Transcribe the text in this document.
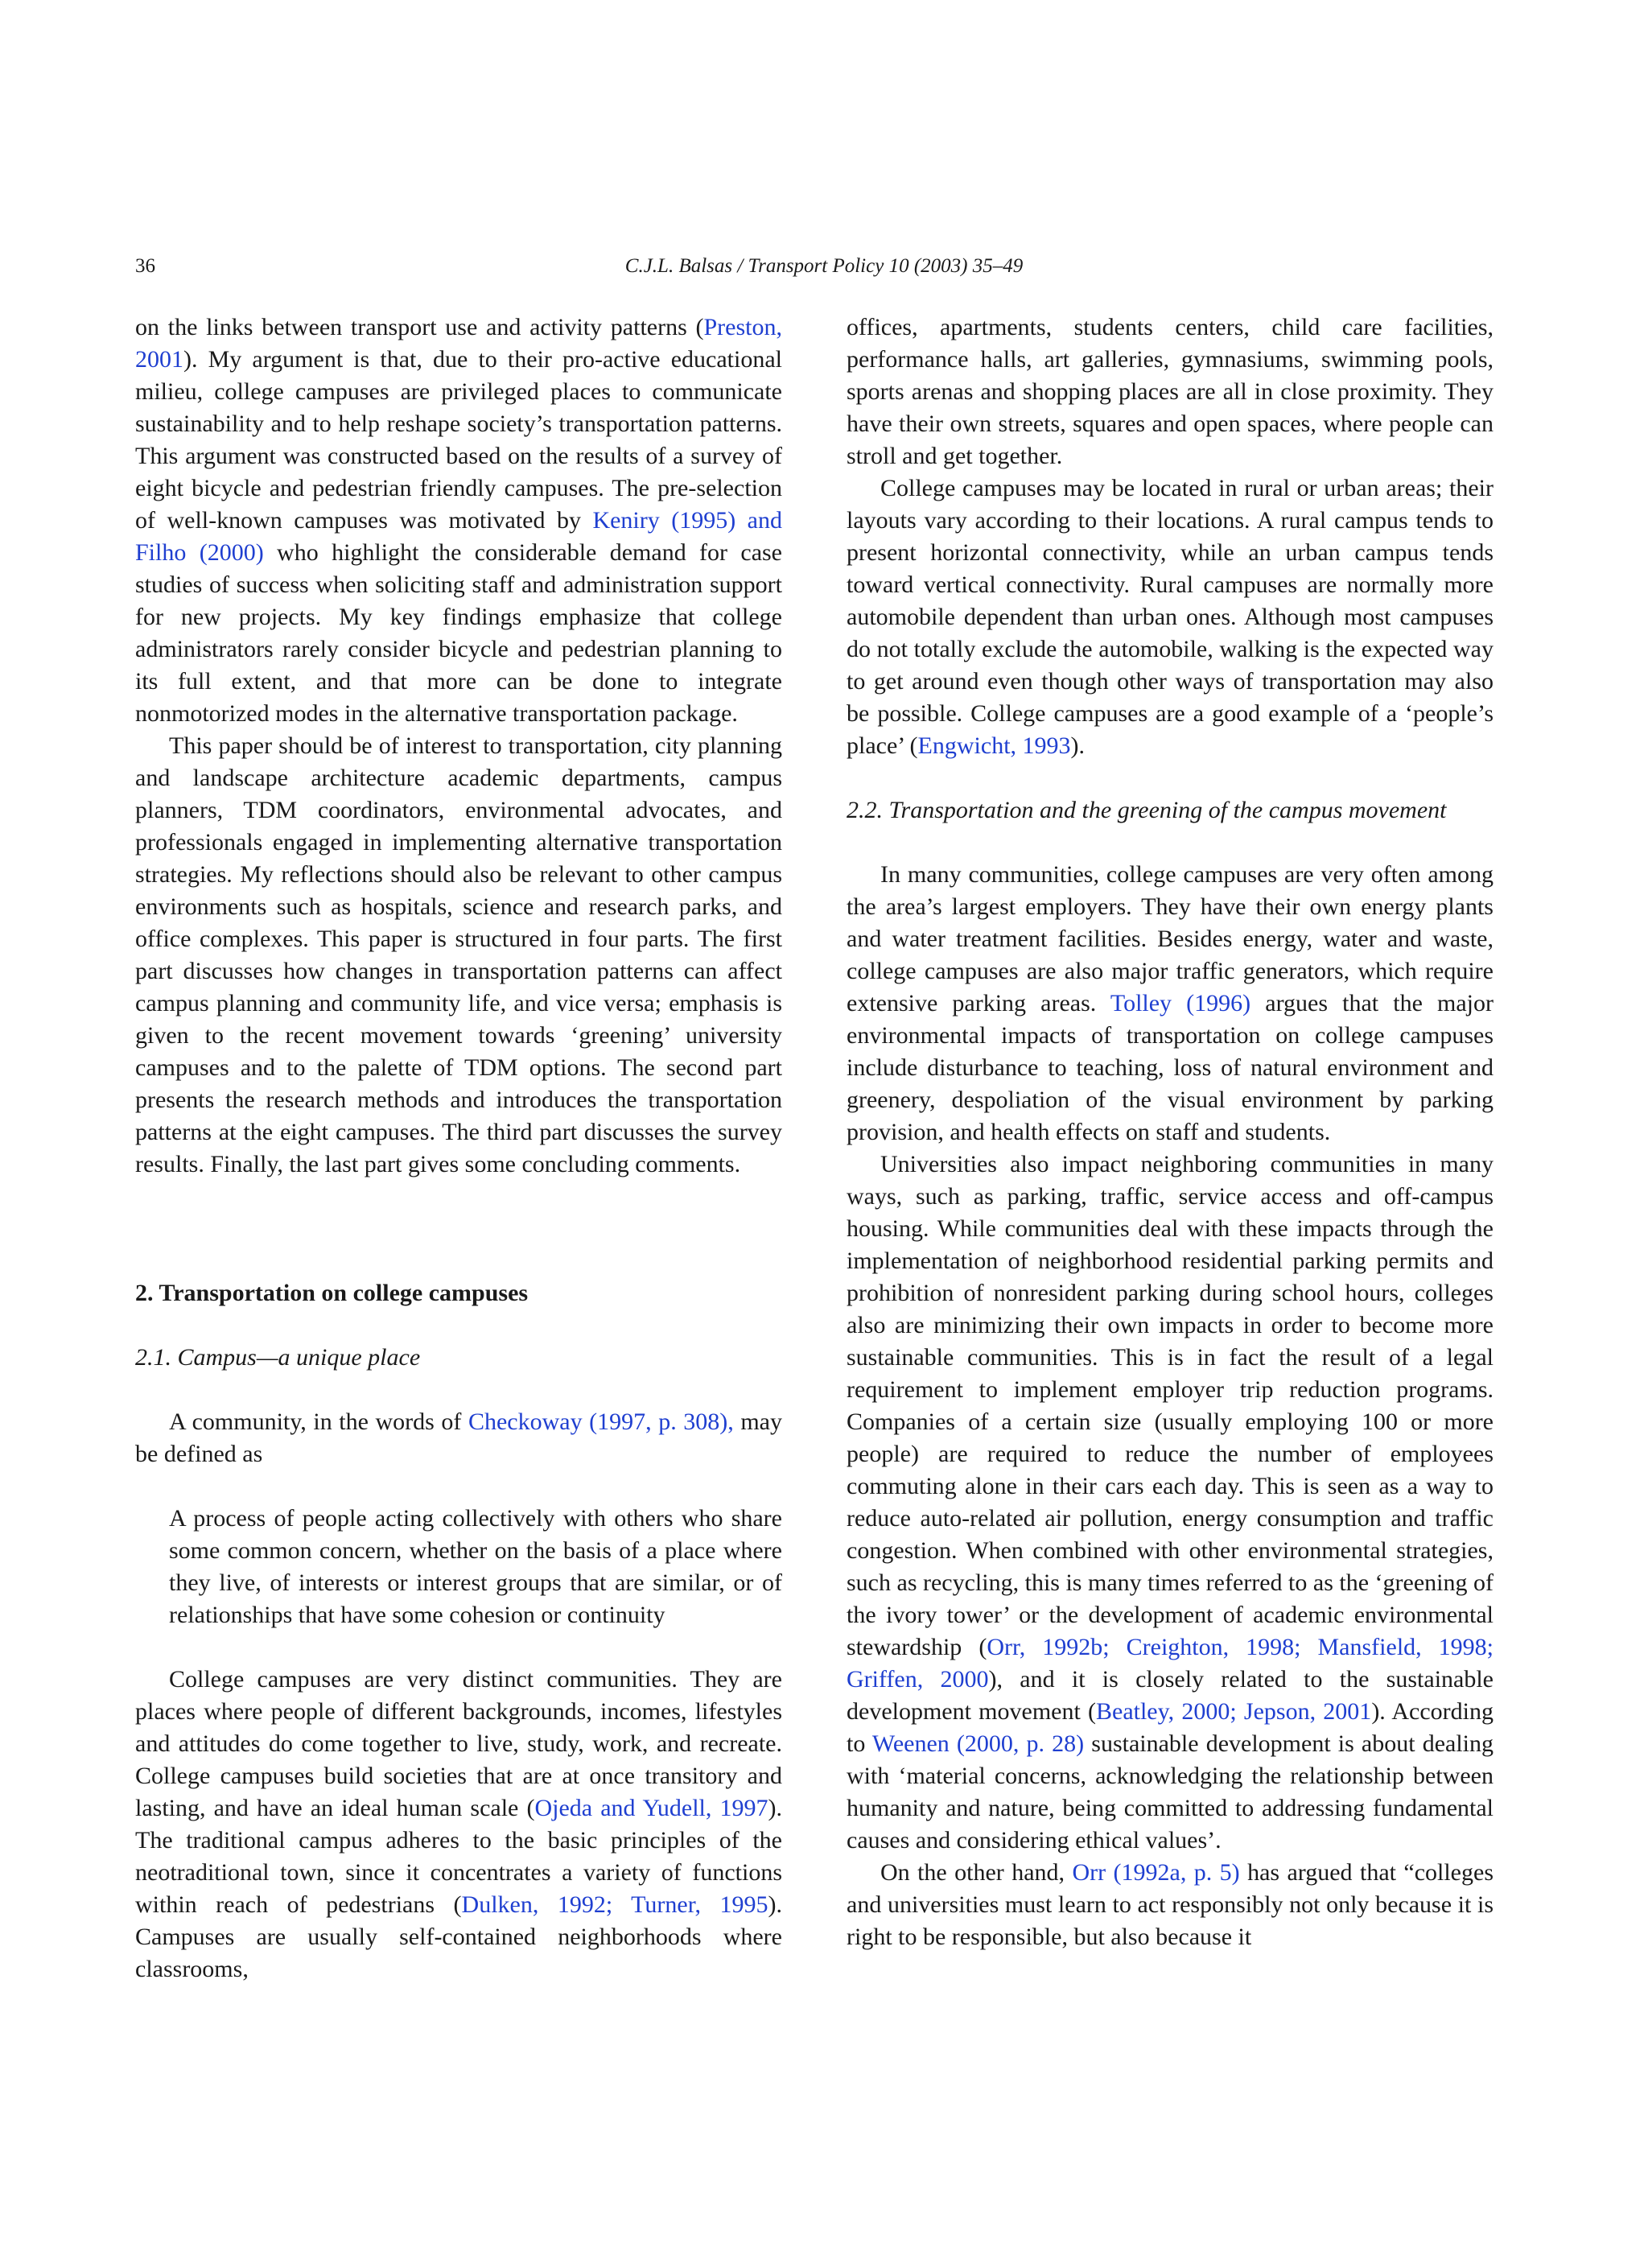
36	C.J.L. Balsas / Transport Policy 10 (2003) 35–49

on the links between transport use and activity patterns (Preston, 2001). My argument is that, due to their pro-active educational milieu, college campuses are privileged places to communicate sustainability and to help reshape society’s transportation patterns. This argument was constructed based on the results of a survey of eight bicycle and pedestrian friendly campuses. The pre-selection of well-known campuses was motivated by Keniry (1995) and Filho (2000) who highlight the considerable demand for case studies of success when soliciting staff and administration support for new projects. My key findings emphasize that college administrators rarely consider bicycle and pedestrian planning to its full extent, and that more can be done to integrate nonmotorized modes in the alternative transportation package.

This paper should be of interest to transportation, city planning and landscape architecture academic departments, campus planners, TDM coordinators, environmental advocates, and professionals engaged in implementing alternative transportation strategies. My reflections should also be relevant to other campus environments such as hospitals, science and research parks, and office complexes. This paper is structured in four parts. The first part discusses how changes in transportation patterns can affect campus planning and community life, and vice versa; emphasis is given to the recent movement towards ‘greening’ university campuses and to the palette of TDM options. The second part presents the research methods and introduces the transportation patterns at the eight campuses. The third part discusses the survey results. Finally, the last part gives some concluding comments.

2. Transportation on college campuses

2.1. Campus—a unique place

A community, in the words of Checkoway (1997, p. 308), may be defined as

A process of people acting collectively with others who share some common concern, whether on the basis of a place where they live, of interests or interest groups that are similar, or of relationships that have some cohesion or continuity

College campuses are very distinct communities. They are places where people of different backgrounds, incomes, lifestyles and attitudes do come together to live, study, work, and recreate. College campuses build societies that are at once transitory and lasting, and have an ideal human scale (Ojeda and Yudell, 1997). The traditional campus adheres to the basic principles of the neotraditional town, since it concentrates a variety of functions within reach of pedestrians (Dulken, 1992; Turner, 1995). Campuses are usually self-contained neighborhoods where classrooms,

offices, apartments, students centers, child care facilities, performance halls, art galleries, gymnasiums, swimming pools, sports arenas and shopping places are all in close proximity. They have their own streets, squares and open spaces, where people can stroll and get together.

College campuses may be located in rural or urban areas; their layouts vary according to their locations. A rural campus tends to present horizontal connectivity, while an urban campus tends toward vertical connectivity. Rural campuses are normally more automobile dependent than urban ones. Although most campuses do not totally exclude the automobile, walking is the expected way to get around even though other ways of transportation may also be possible. College campuses are a good example of a ‘people’s place’ (Engwicht, 1993).

2.2. Transportation and the greening of the campus movement

In many communities, college campuses are very often among the area’s largest employers. They have their own energy plants and water treatment facilities. Besides energy, water and waste, college campuses are also major traffic generators, which require extensive parking areas. Tolley (1996) argues that the major environmental impacts of transportation on college campuses include disturbance to teaching, loss of natural environment and greenery, despoliation of the visual environment by parking provision, and health effects on staff and students.

Universities also impact neighboring communities in many ways, such as parking, traffic, service access and off-campus housing. While communities deal with these impacts through the implementation of neighborhood residential parking permits and prohibition of nonresident parking during school hours, colleges also are minimizing their own impacts in order to become more sustainable communities. This is in fact the result of a legal requirement to implement employer trip reduction programs. Companies of a certain size (usually employing 100 or more people) are required to reduce the number of employees commuting alone in their cars each day. This is seen as a way to reduce auto-related air pollution, energy consumption and traffic congestion. When combined with other environmental strategies, such as recycling, this is many times referred to as the ‘greening of the ivory tower’ or the development of academic environmental stewardship (Orr, 1992b; Creighton, 1998; Mansfield, 1998; Griffen, 2000), and it is closely related to the sustainable development movement (Beatley, 2000; Jepson, 2001). According to Weenen (2000, p. 28) sustainable development is about dealing with ‘material concerns, acknowledging the relationship between humanity and nature, being committed to addressing fundamental causes and considering ethical values’.

On the other hand, Orr (1992a, p. 5) has argued that “colleges and universities must learn to act responsibly not only because it is right to be responsible, but also because it
